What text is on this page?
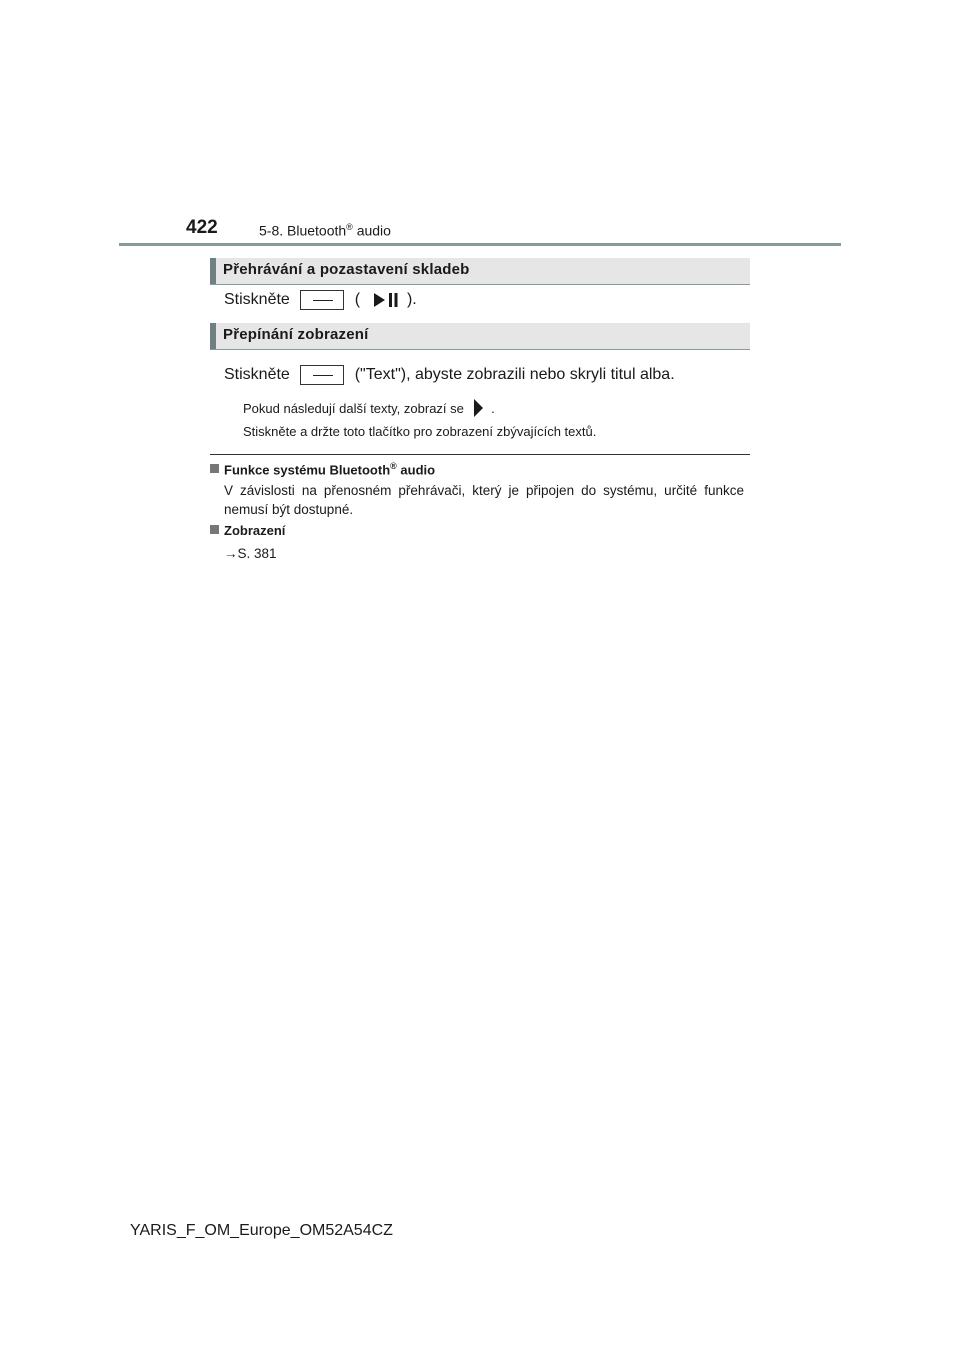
422	5-8. Bluetooth® audio
Přehrávání a pozastavení skladeb
Stiskněte	(	).
Přepínání zobrazení
Stiskněte	("Text"), abyste zobrazili nebo skryli titul alba.
Pokud následují další texty, zobrazí se .
Stiskněte a držte toto tlačítko pro zobrazení zbývajících textů.
Funkce systému Bluetooth® audio
V závislosti na přenosném přehrávači, který je připojen do systému, určité funkce nemusí být dostupné.
Zobrazení
→S. 381
YARIS_F_OM_Europe_OM52A54CZ
